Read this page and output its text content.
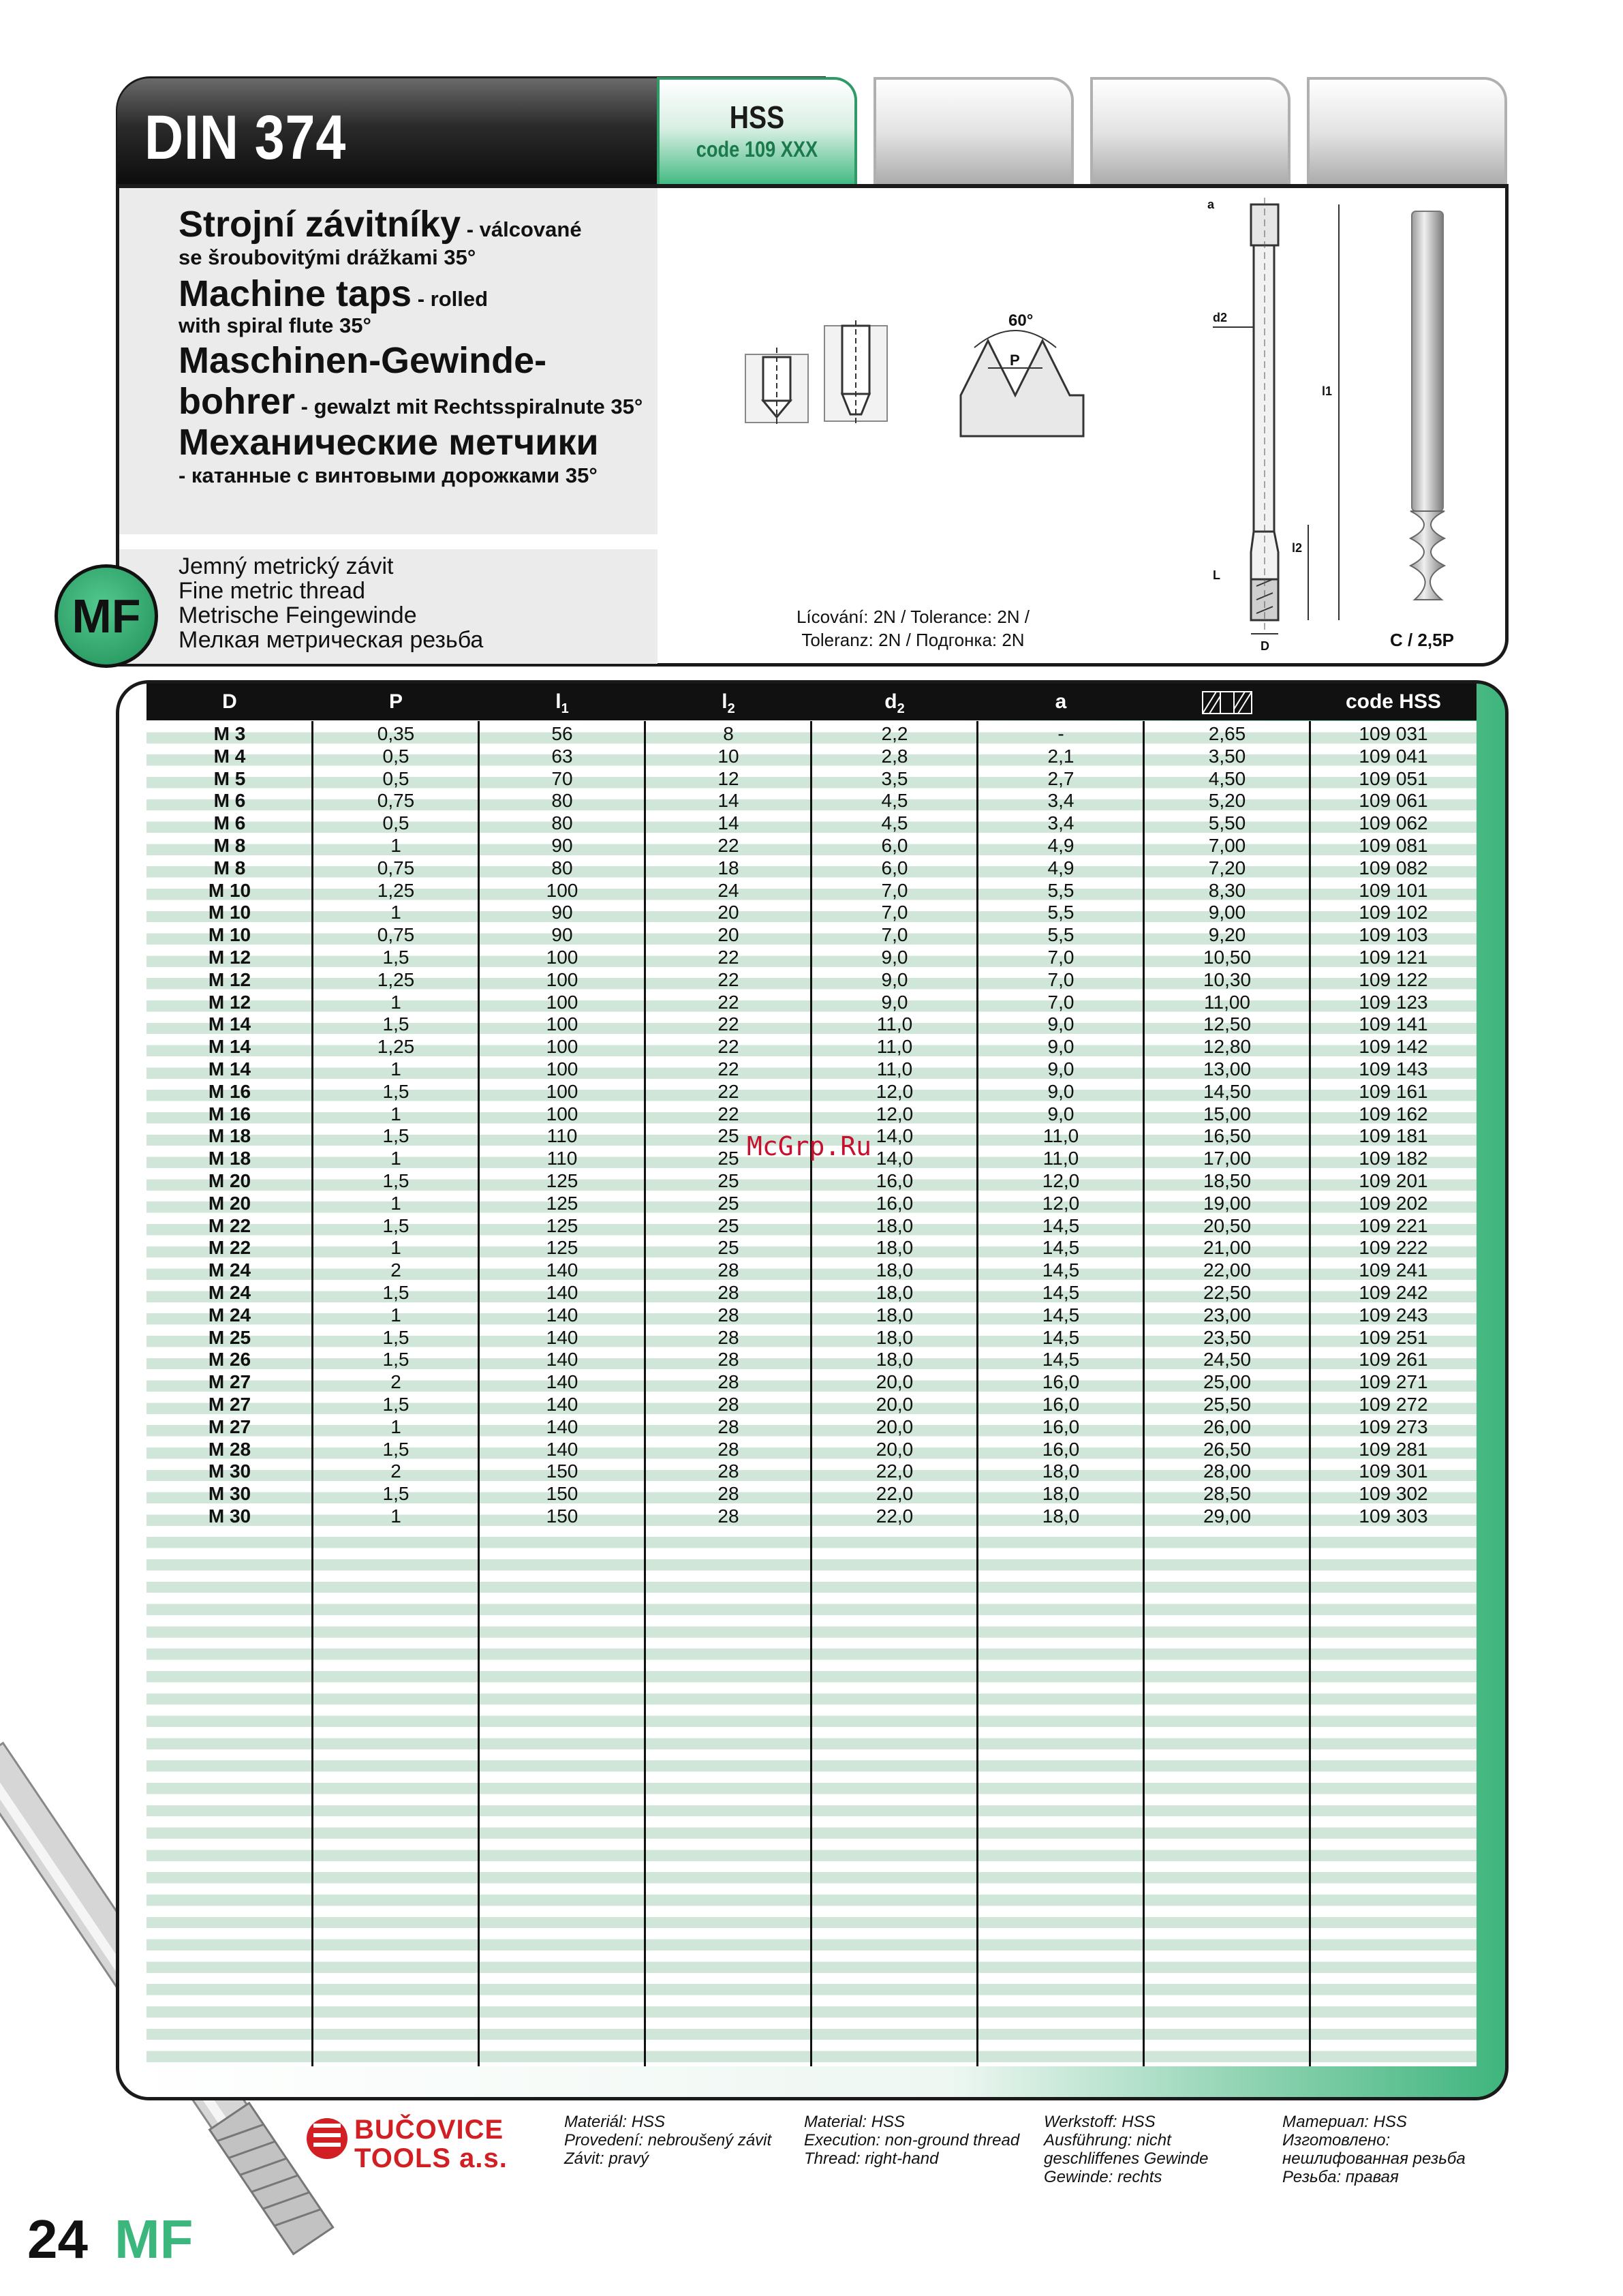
DIN 374	HSS
code 109 XXX
Strojní závitníky - válcované
se šroubovitými drážkami 35°
Machine taps - rolled
with spiral flute 35°
Maschinen-Gewinde-
bohrer - gewalzt mit Rechtsspiralnute 35°
Механические метчики
- катанные с винтовыми дорожками 35°
MF
Jemný metrický závit
Fine metric thread
Metrische Feingewinde
Мелкая метрическая резьба
60°
P
Lícování: 2N / Tolerance: 2N /
Toleranz: 2N / Подгонка: 2N
a
d2
l1
l2
L
D	C / 2,5P
D	P	$l_1$	$l_2$	$d_2$	a	code HSS
M 3	0,35	56	8	2,2	-	2,65	109 031
M 4	0,5	63	10	2,8	2,1	3,50	109 041
M 5	0,5	70	12	3,5	2,7	4,50	109 051
M 6	0,75	80	14	4,5	3,4	5,20	109 061
M 6	0,5	80	14	4,5	3,4	5,50	109 062
M 8	1	90	22	6,0	4,9	7,00	109 081
M 8	0,75	80	18	6,0	4,9	7,20	109 082
M 10	1,25	100	24	7,0	5,5	8,30	109 101
M 10	1	90	20	7,0	5,5	9,00	109 102
M 10	0,75	90	20	7,0	5,5	9,20	109 103
M 12	1,5	100	22	9,0	7,0	10,50	109 121
M 12	1,25	100	22	9,0	7,0	10,30	109 122
M 12	1	100	22	9,0	7,0	11,00	109 123
M 14	1,5	100	22	11,0	9,0	12,50	109 141
M 14	1,25	100	22	11,0	9,0	12,80	109 142
M 14	1	100	22	11,0	9,0	13,00	109 143
M 16	1,5	100	22	12,0	9,0	14,50	109 161
M 16	1	100	22	12,0	9,0	15,00	109 162
M 18	1,5	110	25	14,0	11,0	16,50	109 181
M 18	1	110	25	14,0	11,0	17,00	109 182
M 20	1,5	125	25	16,0	12,0	18,50	109 201
M 20	1	125	25	16,0	12,0	19,00	109 202
M 22	1,5	125	25	18,0	14,5	20,50	109 221
M 22	1	125	25	18,0	14,5	21,00	109 222
M 24	2	140	28	18,0	14,5	22,00	109 241
M 24	1,5	140	28	18,0	14,5	22,50	109 242
M 24	1	140	28	18,0	14,5	23,00	109 243
M 25	1,5	140	28	18,0	14,5	23,50	109 251
M 26	1,5	140	28	18,0	14,5	24,50	109 261
M 27	2	140	28	20,0	16,0	25,00	109 271
M 27	1,5	140	28	20,0	16,0	25,50	109 272
M 27	1	140	28	20,0	16,0	26,00	109 273
M 28	1,5	140	28	20,0	16,0	26,50	109 281
M 30	2	150	28	22,0	18,0	28,00	109 301
M 30	1,5	150	28	22,0	18,0	28,50	109 302
M 30	1	150	28	22,0	18,0	29,00	109 303
McGrp.Ru
BUČOVICE
TOOLS a.s.
Materiál: HSS
Provedení: nebroušený závit
Závit: pravý
Material: HSS
Execution: non-ground thread
Thread: right-hand
Werkstoff: HSS
Ausführung: nicht
geschliffenes Gewinde
Gewinde: rechts
Материал: HSS
Изготовлено:
нешлифованная резьба
Резьба: правая
24 MF
